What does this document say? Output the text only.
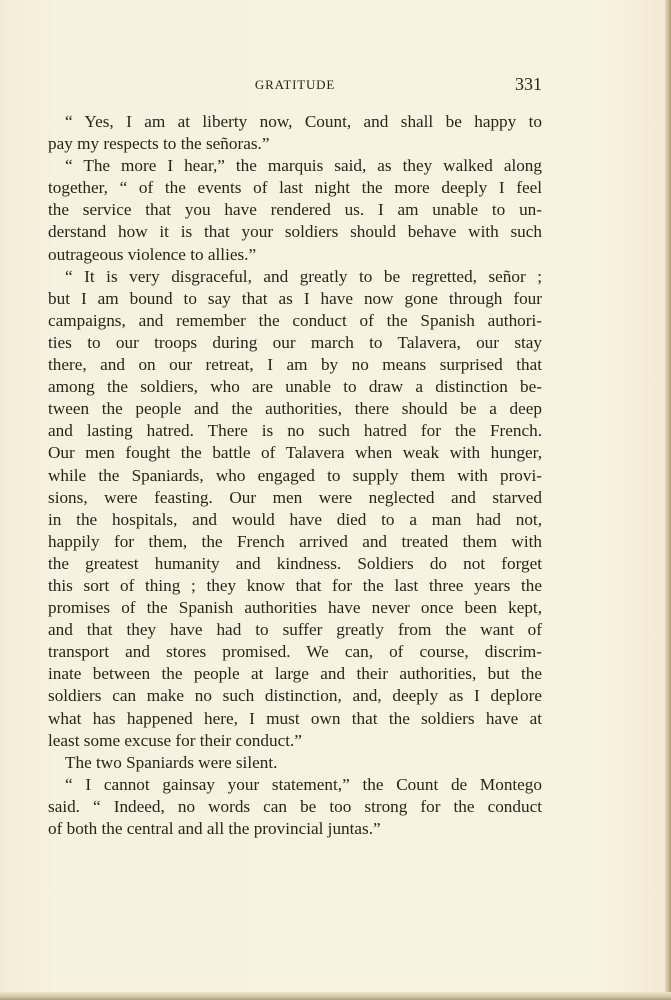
GRATITUDE	331
“ Yes, I am at liberty now, Count, and shall be happy to
pay my respects to the señoras.”
“ The more I hear,” the marquis said, as they walked along
together, “ of the events of last night the more deeply I feel
the service that you have rendered us. I am unable to un-
derstand how it is that your soldiers should behave with such
outrageous violence to allies.”
“ It is very disgraceful, and greatly to be regretted, señor ;
but I am bound to say that as I have now gone through four
campaigns, and remember the conduct of the Spanish authori-
ties to our troops during our march to Talavera, our stay
there, and on our retreat, I am by no means surprised that
among the soldiers, who are unable to draw a distinction be-
tween the people and the authorities, there should be a deep
and lasting hatred. There is no such hatred for the French.
Our men fought the battle of Talavera when weak with hunger,
while the Spaniards, who engaged to supply them with provi-
sions, were feasting. Our men were neglected and starved
in the hospitals, and would have died to a man had not,
happily for them, the French arrived and treated them with
the greatest humanity and kindness. Soldiers do not forget
this sort of thing ; they know that for the last three years the
promises of the Spanish authorities have never once been kept,
and that they have had to suffer greatly from the want of
transport and stores promised. We can, of course, discrim-
inate between the people at large and their authorities, but the
soldiers can make no such distinction, and, deeply as I deplore
what has happened here, I must own that the soldiers have at
least some excuse for their conduct.”
The two Spaniards were silent.
“ I cannot gainsay your statement,” the Count de Montego
said. “ Indeed, no words can be too strong for the conduct
of both the central and all the provincial juntas.”
